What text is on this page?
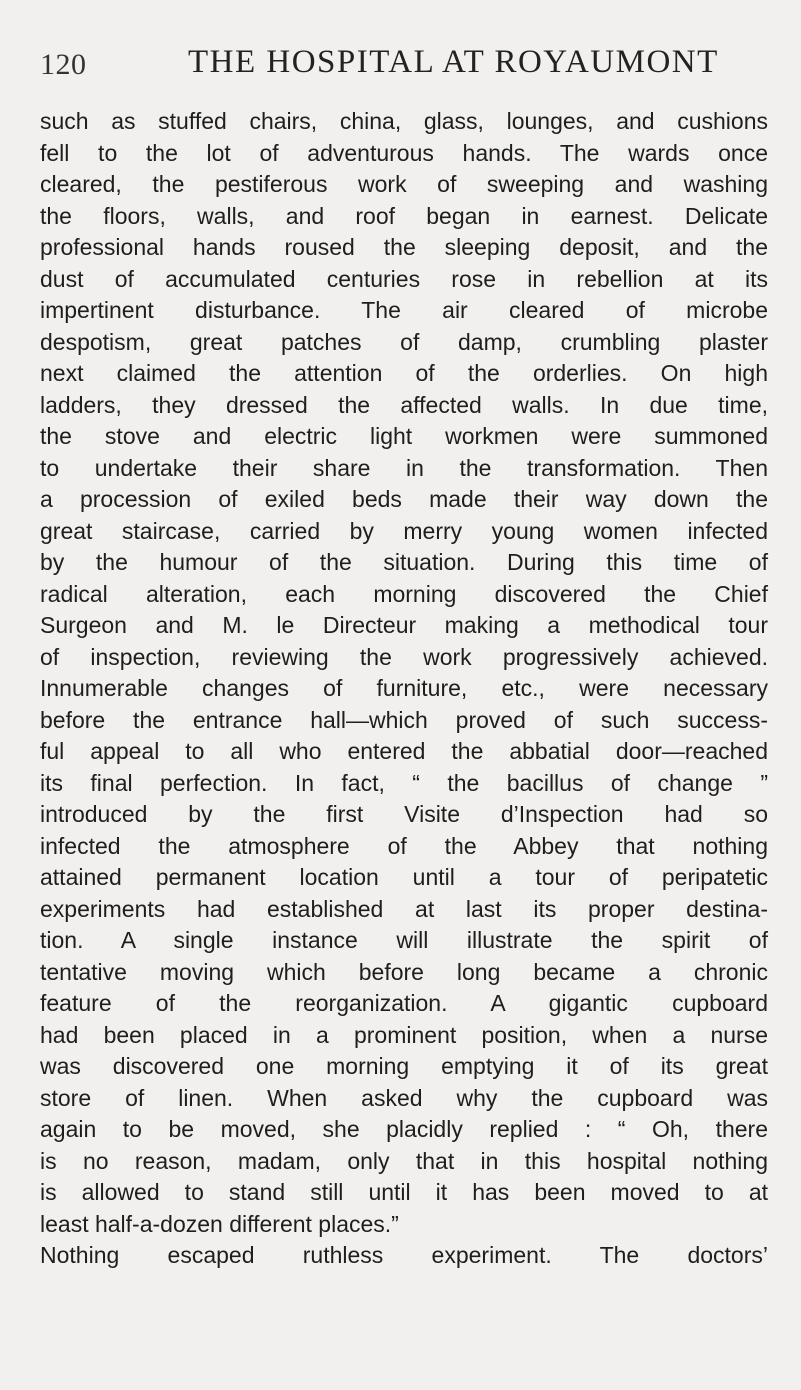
120	THE HOSPITAL AT ROYAUMONT
such as stuffed chairs, china, glass, lounges, and cushions
fell to the lot of adventurous hands. The wards once
cleared, the pestiferous work of sweeping and washing
the floors, walls, and roof began in earnest. Delicate
professional hands roused the sleeping deposit, and the
dust of accumulated centuries rose in rebellion at its
impertinent disturbance. The air cleared of microbe
despotism, great patches of damp, crumbling plaster
next claimed the attention of the orderlies. On high
ladders, they dressed the affected walls. In due time,
the stove and electric light workmen were summoned
to undertake their share in the transformation. Then
a procession of exiled beds made their way down the
great staircase, carried by merry young women infected
by the humour of the situation. During this time of
radical alteration, each morning discovered the Chief
Surgeon and M. le Directeur making a methodical tour
of inspection, reviewing the work progressively achieved.
Innumerable changes of furniture, etc., were necessary
before the entrance hall—which proved of such success-
ful appeal to all who entered the abbatial door—reached
its final perfection. In fact, “ the bacillus of change ”
introduced by the first Visite d’Inspection had so
infected the atmosphere of the Abbey that nothing
attained permanent location until a tour of peripatetic
experiments had established at last its proper destina-
tion. A single instance will illustrate the spirit of
tentative moving which before long became a chronic
feature of the reorganization. A gigantic cupboard
had been placed in a prominent position, when a nurse
was discovered one morning emptying it of its great
store of linen. When asked why the cupboard was
again to be moved, she placidly replied : “ Oh, there
is no reason, madam, only that in this hospital nothing
is allowed to stand still until it has been moved to at
least half-a-dozen different places.”
Nothing escaped ruthless experiment. The doctors’
